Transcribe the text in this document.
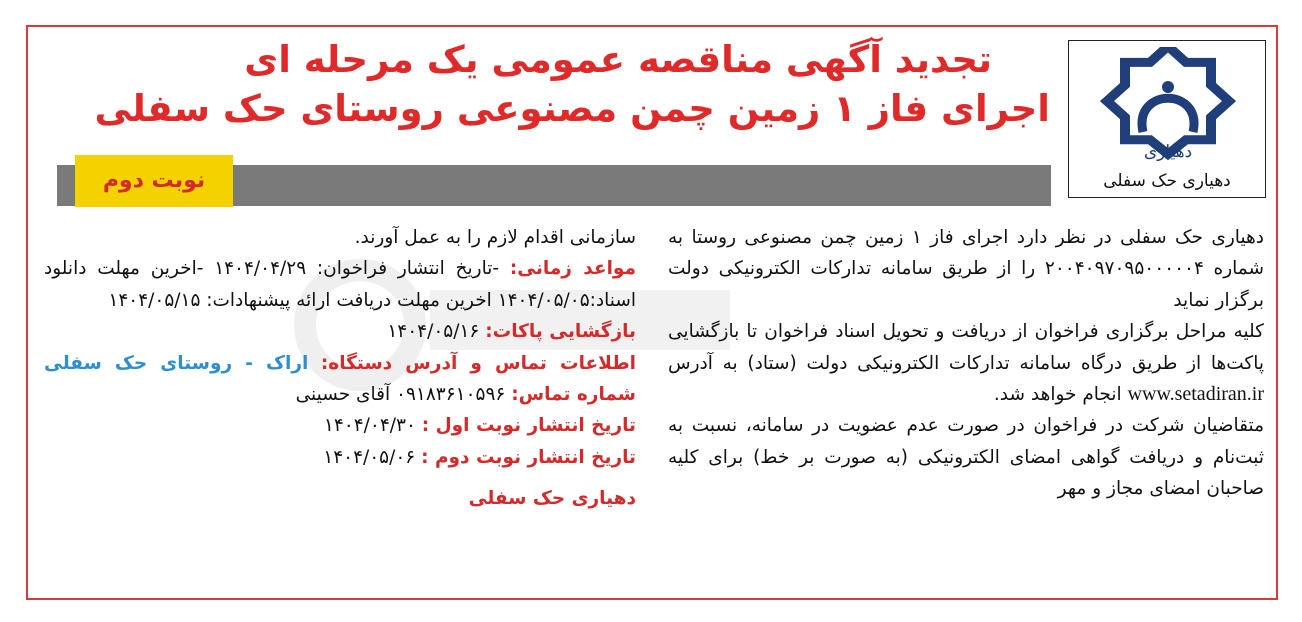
تجدید آگهی مناقصه عمومی یک مرحله ای
اجرای فاز ۱ زمین چمن مصنوعی روستای حک سفلی
دهیاری
دهیاری حک سفلی
نوبت دوم

دهیاری حک سفلی در نظر دارد اجرای فاز ۱ زمین چمن مصنوعی روستا به شماره ۲۰۰۴۰۹۷۰۹۵۰۰۰۰۰۴ را از طریق سامانه تدارکات الکترونیکی دولت برگزار نماید

کلیه مراحل برگزاری فراخوان از دریافت و تحویل اسناد فراخوان تا بازگشایی پاکت‌ها از طریق درگاه سامانه تدارکات الکترونیکی دولت (ستاد) به آدرس www.setadiran.ir انجام خواهد شد.

متقاضیان شرکت در فراخوان در صورت عدم عضویت در سامانه، نسبت به ثبت‌نام و دریافت گواهی امضای الکترونیکی (به صورت بر خط) برای کلیه صاحبان امضای مجاز و مهر

سازمانی اقدام لازم را به عمل آورند.

مواعد زمانی: -تاریخ انتشار فراخوان: ۱۴۰۴/۰۴/۲۹ -اخرین مهلت دانلود اسناد:۱۴۰۴/۰۵/۰۵ اخرین مهلت دریافت ارائه پیشنهادات: ۱۴۰۴/۰۵/۱۵

بازگشایی پاکات: ۱۴۰۴/۰۵/۱۶

اطلاعات تماس و آدرس دستگاه: اراک - روستای حک سفلی شماره تماس: ۰۹۱۸۳۶۱۰۵۹۶ آقای حسینی

تاریخ انتشار نوبت اول : ۱۴۰۴/۰۴/۳۰

تاریخ انتشار نوبت دوم : ۱۴۰۴/۰۵/۰۶

دهیاری حک سفلی
